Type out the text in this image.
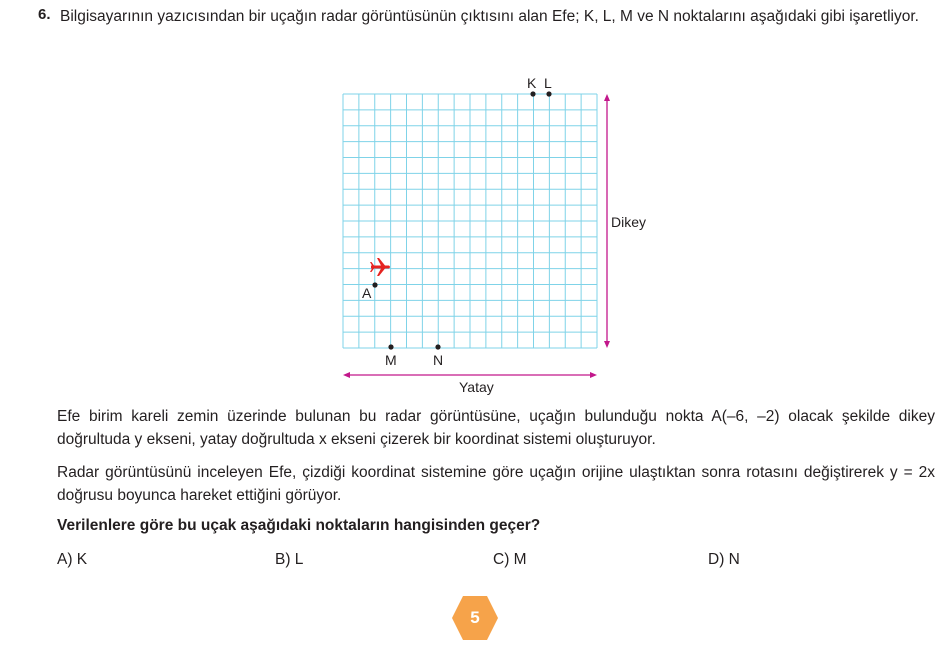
6. Bilgisayarının yazıcısından bir uçağın radar görüntüsünün çıktısını alan Efe; K, L, M ve N noktalarını aşağıdaki gibi işaretliyor.
Dikey
Yatay
K L
A
M	N
Efe birim kareli zemin üzerinde bulunan bu radar görüntüsüne, uçağın bulunduğu nokta A(–6, –2) olacak şekilde dikey doğrultuda y ekseni, yatay doğrultuda x ekseni çizerek bir koordinat sistemi oluşturuyor.
Radar görüntüsünü inceleyen Efe, çizdiği koordinat sistemine göre uçağın orijine ulaştıktan sonra rotasını değiştirerek y = 2x doğrusu boyunca hareket ettiğini görüyor.
Verilenlere göre bu uçak aşağıdaki noktaların hangisinden geçer?
A) K	B) L	C) M	D) N
5
